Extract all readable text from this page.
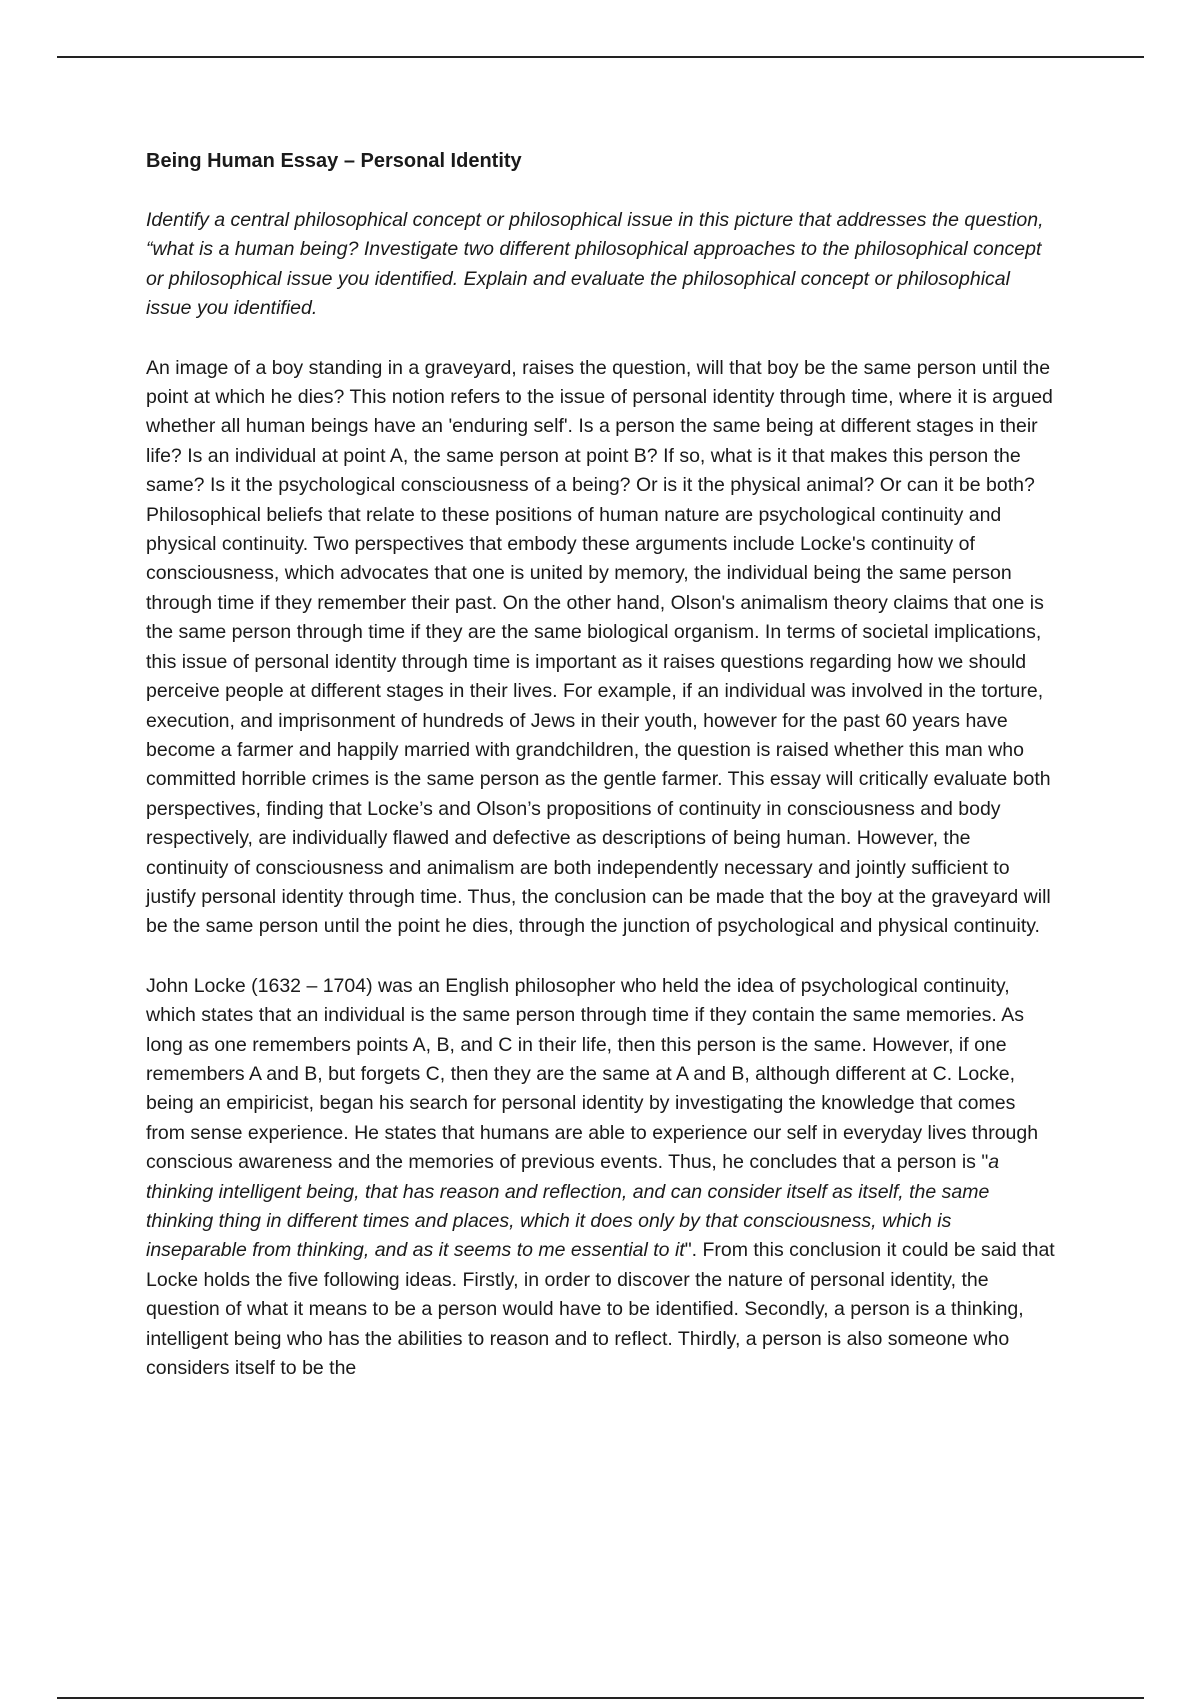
Being Human Essay – Personal Identity

Identify a central philosophical concept or philosophical issue in this picture that addresses the question, “what is a human being? Investigate two different philosophical approaches to the philosophical concept or philosophical issue you identified. Explain and evaluate the philosophical concept or philosophical issue you identified.

An image of a boy standing in a graveyard, raises the question, will that boy be the same person until the point at which he dies? This notion refers to the issue of personal identity through time, where it is argued whether all human beings have an 'enduring self'. Is a person the same being at different stages in their life? Is an individual at point A, the same person at point B? If so, what is it that makes this person the same? Is it the psychological consciousness of a being? Or is it the physical animal? Or can it be both? Philosophical beliefs that relate to these positions of human nature are psychological continuity and physical continuity. Two perspectives that embody these arguments include Locke's continuity of consciousness, which advocates that one is united by memory, the individual being the same person through time if they remember their past. On the other hand, Olson's animalism theory claims that one is the same person through time if they are the same biological organism. In terms of societal implications, this issue of personal identity through time is important as it raises questions regarding how we should perceive people at different stages in their lives. For example, if an individual was involved in the torture, execution, and imprisonment of hundreds of Jews in their youth, however for the past 60 years have become a farmer and happily married with grandchildren, the question is raised whether this man who committed horrible crimes is the same person as the gentle farmer. This essay will critically evaluate both perspectives, finding that Locke’s and Olson’s propositions of continuity in consciousness and body respectively, are individually flawed and defective as descriptions of being human. However, the continuity of consciousness and animalism are both independently necessary and jointly sufficient to justify personal identity through time. Thus, the conclusion can be made that the boy at the graveyard will be the same person until the point he dies, through the junction of psychological and physical continuity.

John Locke (1632 – 1704) was an English philosopher who held the idea of psychological continuity, which states that an individual is the same person through time if they contain the same memories. As long as one remembers points A, B, and C in their life, then this person is the same. However, if one remembers A and B, but forgets C, then they are the same at A and B, although different at C. Locke, being an empiricist, began his search for personal identity by investigating the knowledge that comes from sense experience. He states that humans are able to experience our self in everyday lives through conscious awareness and the memories of previous events. Thus, he concludes that a person is "a thinking intelligent being, that has reason and reflection, and can consider itself as itself, the same thinking thing in different times and places, which it does only by that consciousness, which is inseparable from thinking, and as it seems to me essential to it". From this conclusion it could be said that Locke holds the five following ideas. Firstly, in order to discover the nature of personal identity, the question of what it means to be a person would have to be identified. Secondly, a person is a thinking, intelligent being who has the abilities to reason and to reflect. Thirdly, a person is also someone who considers itself to be the
